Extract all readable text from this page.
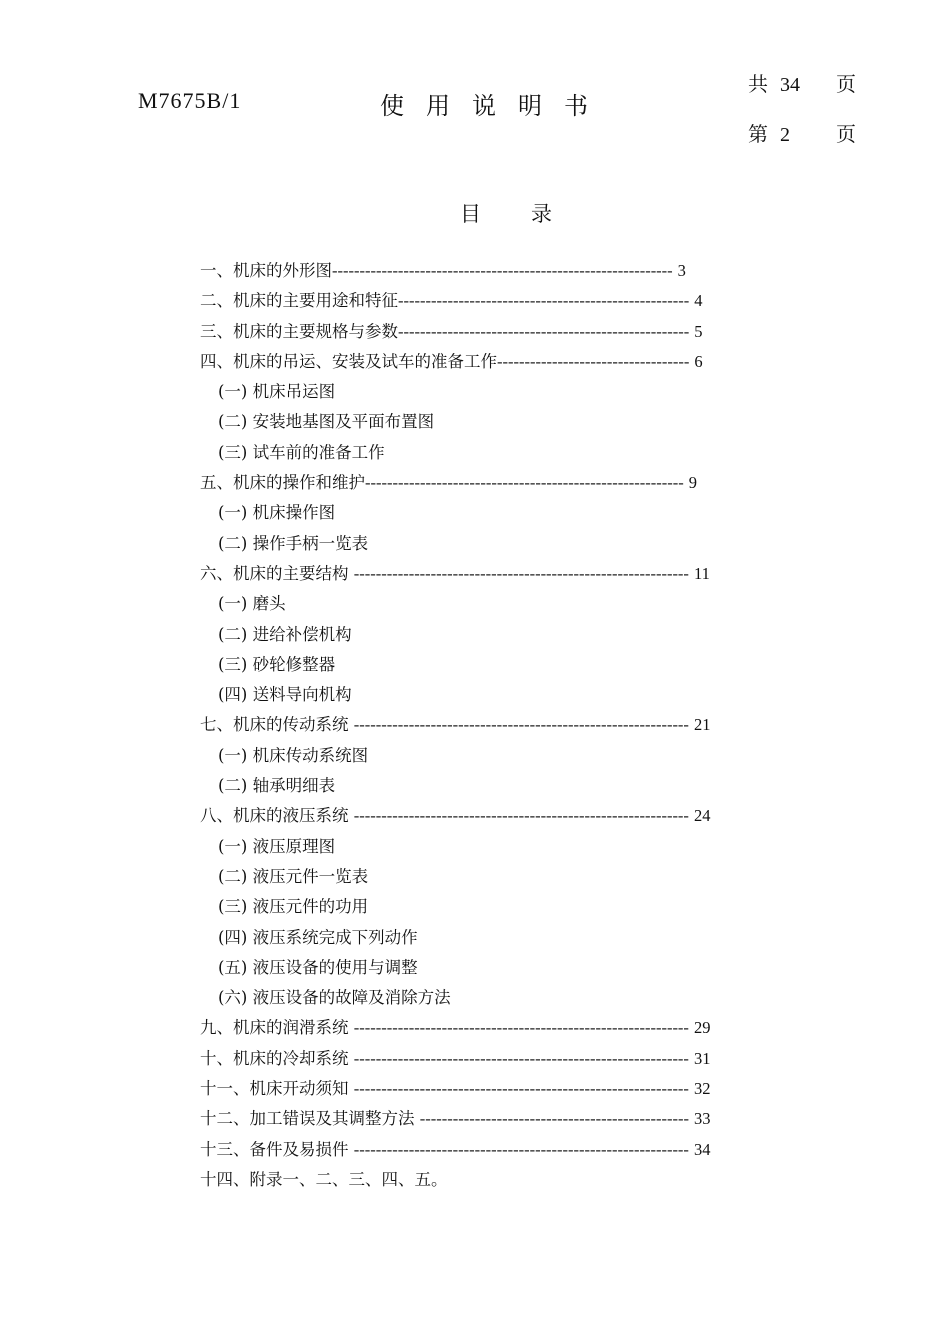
M7675B/1	使用说明书
共 34 页
第 2 页
目录
一、机床的外形图-------------------------------------------------------------- 3
二、机床的主要用途和特征----------------------------------------------------- 4
三、机床的主要规格与参数----------------------------------------------------- 5
四、机床的吊运、安装及试车的准备工作----------------------------------- 6
(一) 机床吊运图
(二) 安装地基图及平面布置图
(三) 试车前的准备工作
五、机床的操作和维护---------------------------------------------------------- 9
(一) 机床操作图
(二) 操作手柄一览表
六、机床的主要结构 ------------------------------------------------------------- 11
(一) 磨头
(二) 进给补偿机构
(三) 砂轮修整器
(四) 送料导向机构
七、机床的传动系统 ------------------------------------------------------------- 21
(一) 机床传动系统图
(二) 轴承明细表
八、机床的液压系统 ------------------------------------------------------------- 24
(一) 液压原理图
(二) 液压元件一览表
(三) 液压元件的功用
(四) 液压系统完成下列动作
(五) 液压设备的使用与调整
(六) 液压设备的故障及消除方法
九、机床的润滑系统 ------------------------------------------------------------- 29
十、机床的冷却系统 ------------------------------------------------------------- 31
十一、机床开动须知 ------------------------------------------------------------- 32
十二、加工错误及其调整方法 ------------------------------------------------- 33
十三、备件及易损件 ------------------------------------------------------------- 34
十四、附录一、二、三、四、五。
